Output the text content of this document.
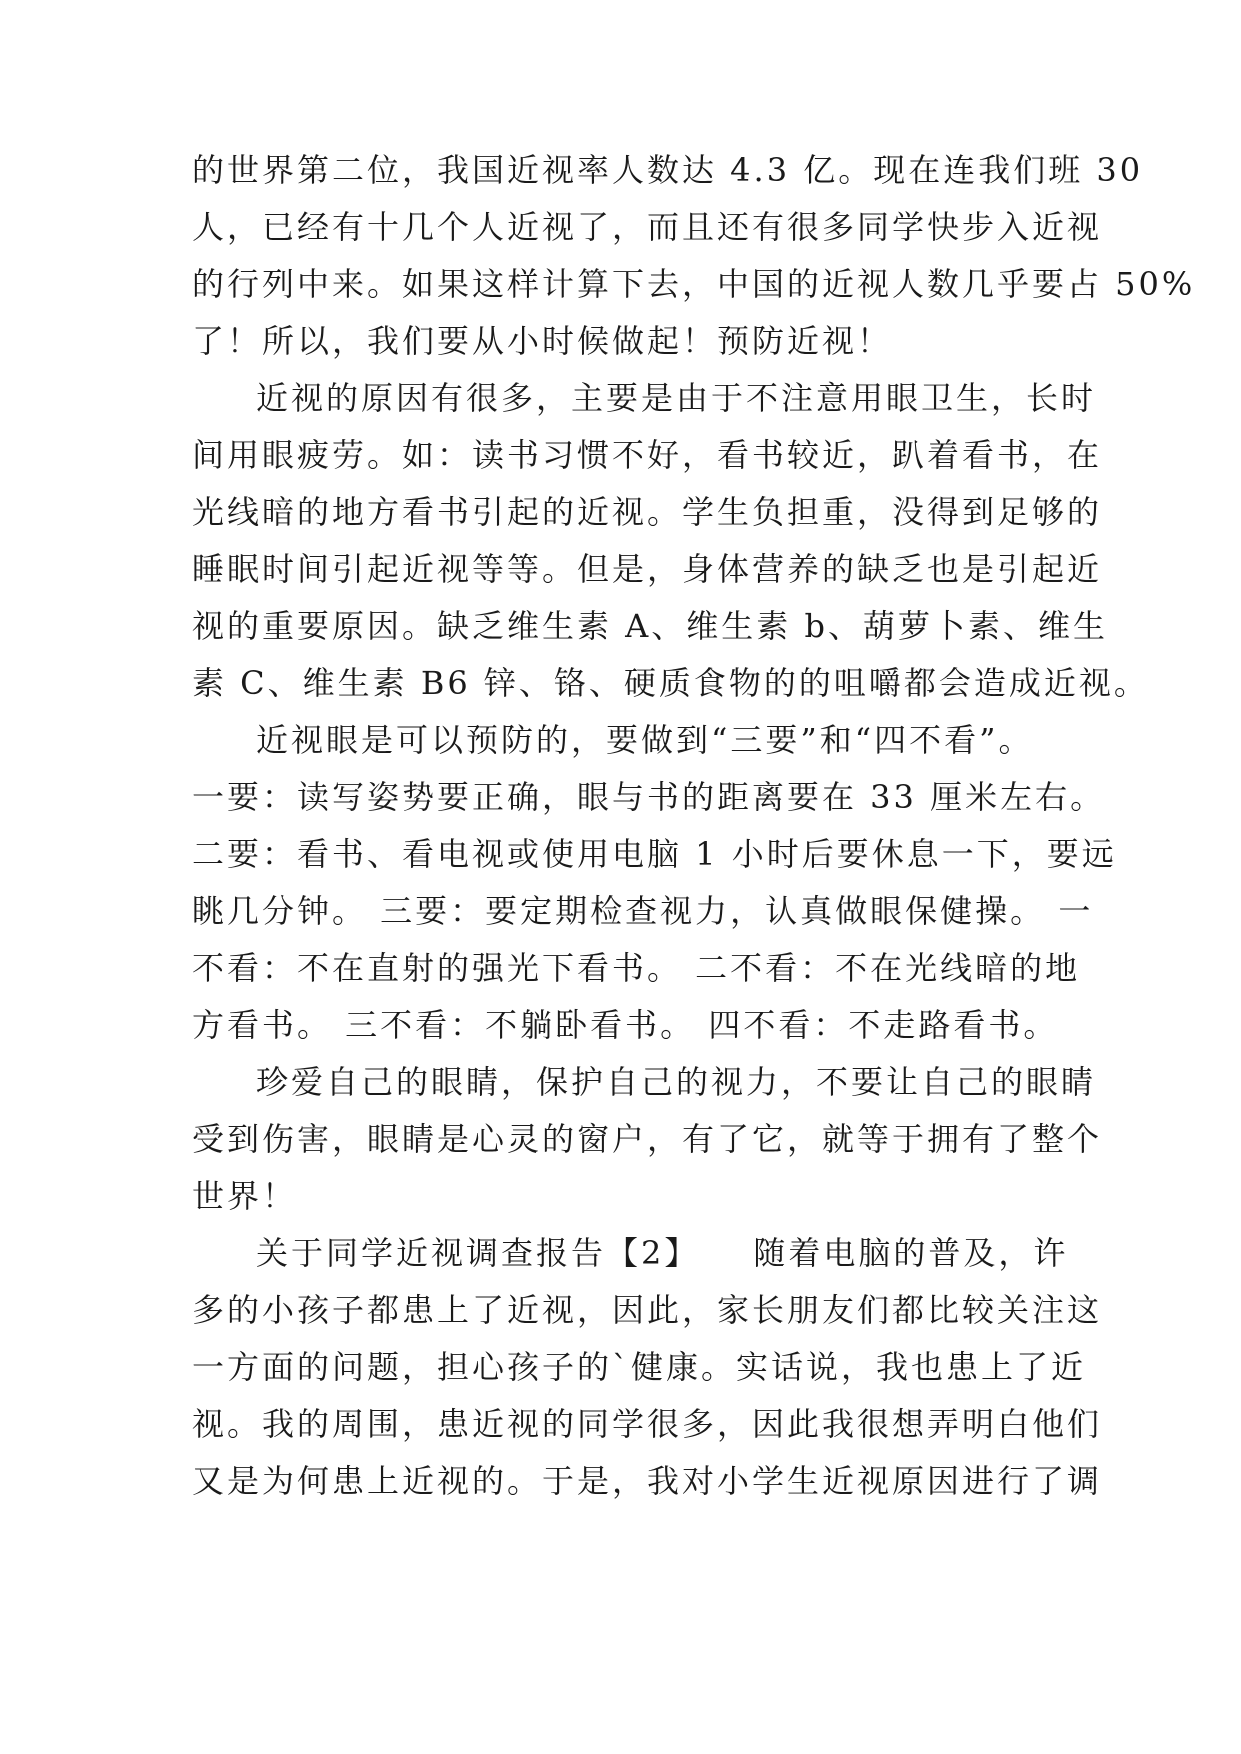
的世界第二位，我国近视率人数达 4.3 亿。现在连我们班 30
人，已经有十几个人近视了，而且还有很多同学快步入近视
的行列中来。如果这样计算下去，中国的近视人数几乎要占 50%
了！所以，我们要从小时候做起！预防近视！
近视的原因有很多，主要是由于不注意用眼卫生，长时
间用眼疲劳。如：读书习惯不好，看书较近，趴着看书，在
光线暗的地方看书引起的近视。学生负担重，没得到足够的
睡眠时间引起近视等等。但是，身体营养的缺乏也是引起近
视的重要原因。缺乏维生素 A、维生素 b、葫萝卜素、维生
素 C、维生素 B6 锌、铬、硬质食物的的咀嚼都会造成近视。
近视眼是可以预防的，要做到“三要”和“四不看”。
一要：读写姿势要正确，眼与书的距离要在 33 厘米左右。
二要：看书、看电视或使用电脑 1 小时后要休息一下，要远
眺几分钟。 三要：要定期检查视力，认真做眼保健操。 一
不看：不在直射的强光下看书。 二不看：不在光线暗的地
方看书。 三不看：不躺卧看书。 四不看：不走路看书。
珍爱自己的眼睛，保护自己的视力，不要让自己的眼睛
受到伤害，眼睛是心灵的窗户，有了它，就等于拥有了整个
世界！
关于同学近视调查报告【2】　　随着电脑的普及，许
多的小孩子都患上了近视，因此，家长朋友们都比较关注这
一方面的问题，担心孩子的`健康。实话说，我也患上了近
视。我的周围，患近视的同学很多，因此我很想弄明白他们
又是为何患上近视的。于是，我对小学生近视原因进行了调
